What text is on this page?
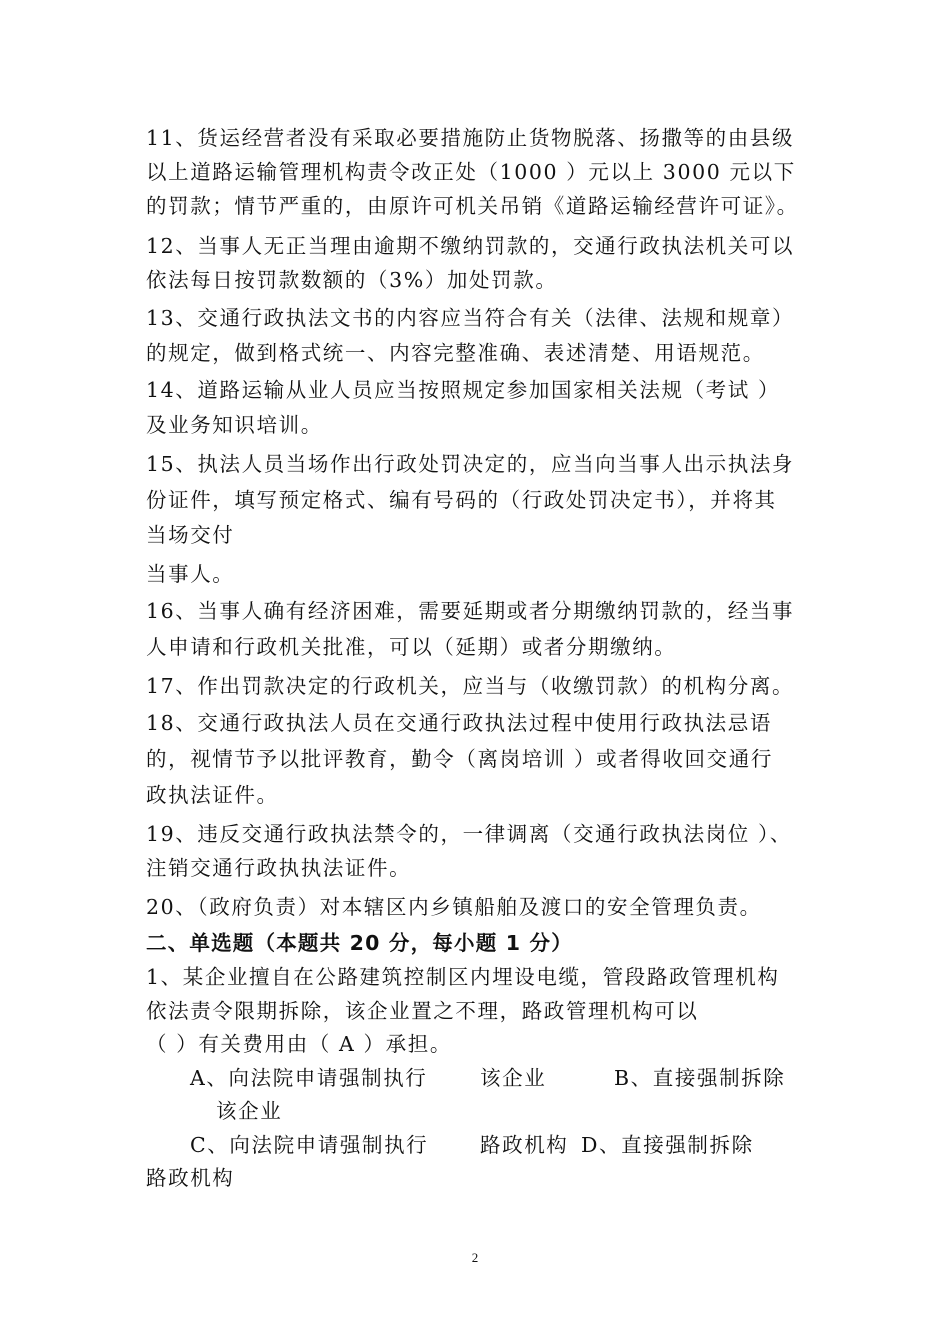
11、货运经营者没有采取必要措施防止货物脱落、扬撒等的由县级
以上道路运输管理机构责令改正处（1000 ）元以上 3000 元以下
的罚款；情节严重的，由原许可机关吊销《道路运输经营许可证》。
12、当事人无正当理由逾期不缴纳罚款的，交通行政执法机关可以
依法每日按罚款数额的（3%）加处罚款。
13、交通行政执法文书的内容应当符合有关（法律、法规和规章）
的规定，做到格式统一、内容完整准确、表述清楚、用语规范。
14、道路运输从业人员应当按照规定参加国家相关法规（考试 ）
及业务知识培训。
15、执法人员当场作出行政处罚决定的，应当向当事人出示执法身
份证件，填写预定格式、编有号码的（行政处罚决定书），并将其
当场交付
当事人。
16、当事人确有经济困难，需要延期或者分期缴纳罚款的，经当事
人申请和行政机关批准，可以（延期）或者分期缴纳。
17、作出罚款决定的行政机关，应当与（收缴罚款）的机构分离。
18、交通行政执法人员在交通行政执法过程中使用行政执法忌语
的，视情节予以批评教育，勤令（离岗培训 ）或者得收回交通行
政执法证件。
19、违反交通行政执法禁令的，一律调离（交通行政执法岗位 ）、
注销交通行政执执法证件。
20、（政府负责）对本辖区内乡镇船舶及渡口的安全管理负责。
二、单选题（本题共 20 分，每小题 1 分）
1、某企业擅自在公路建筑控制区内埋设电缆，管段路政管理机构
依法责令限期拆除，该企业置之不理，路政管理机构可以
（ ）有关费用由（ A ）承担。
A、向法院申请强制执行	该企业	B、直接强制拆除
该企业
C、向法院申请强制执行	路政机构 D、直接强制拆除
路政机构
2
